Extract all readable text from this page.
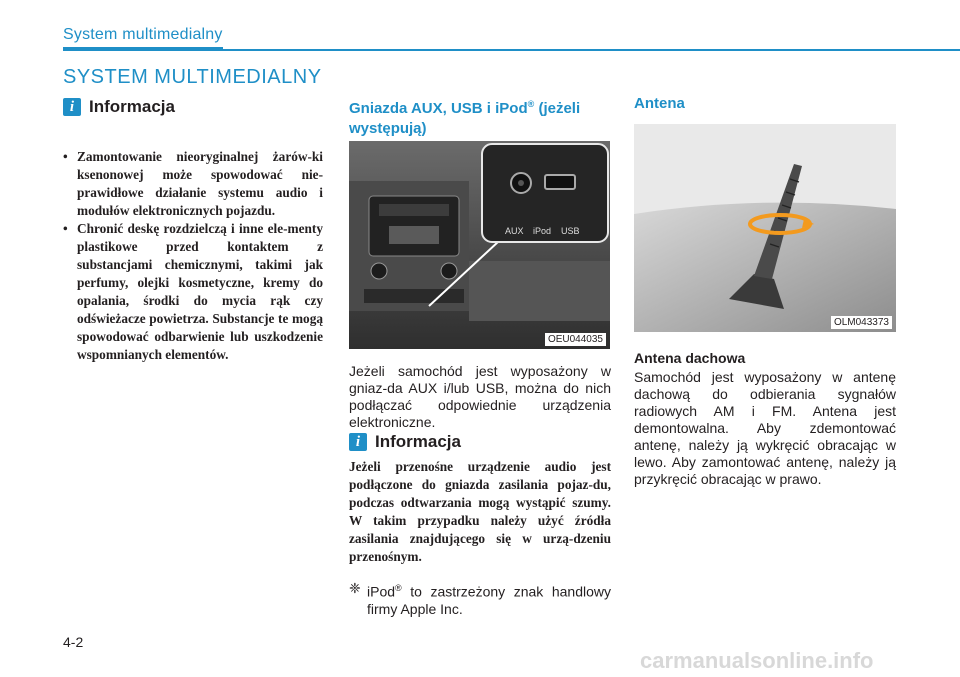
System multimedialny
SYSTEM MULTIMEDIALNY
i Informacja
• Zamontowanie nieoryginalnej żarów-ki ksenonowej może spowodować nie-prawidłowe działanie systemu audio i modułów elektronicznych pojazdu.
• Chronić deskę rozdzielczą i inne ele-menty plastikowe przed kontaktem z substancjami chemicznymi, takimi jak perfumy, olejki kosmetyczne, kremy do opalania, środki do mycia rąk czy odświeżacze powietrza. Substancje te mogą spowodować odbarwienie lub uszkodzenie wspomnianych elementów.
Gniazda AUX, USB i iPod® (jeżeli występują)
AUX iPod USB
OEU044035
Jeżeli samochód jest wyposażony w gniaz-da AUX i/lub USB, można do nich podłączać odpowiednie urządzenia elektroniczne.
i Informacja
Jeżeli przenośne urządzenie audio jest podłączone do gniazda zasilania pojaz-du, podczas odtwarzania mogą wystąpić szumy. W takim przypadku należy użyć źródła zasilania znajdującego się w urzą-dzeniu przenośnym.
❈ iPod® to zastrzeżony znak handlowy firmy Apple Inc.
Antena
OLM043373
Antena dachowa
Samochód jest wyposażony w antenę dachową do odbierania sygnałów radiowych AM i FM. Antena jest demontowalna. Aby zdemontować antenę, należy ją wykręcić obracając w lewo. Aby zamontować antenę, należy ją przykręcić obracając w prawo.
4-2
carmanualsonline.info
